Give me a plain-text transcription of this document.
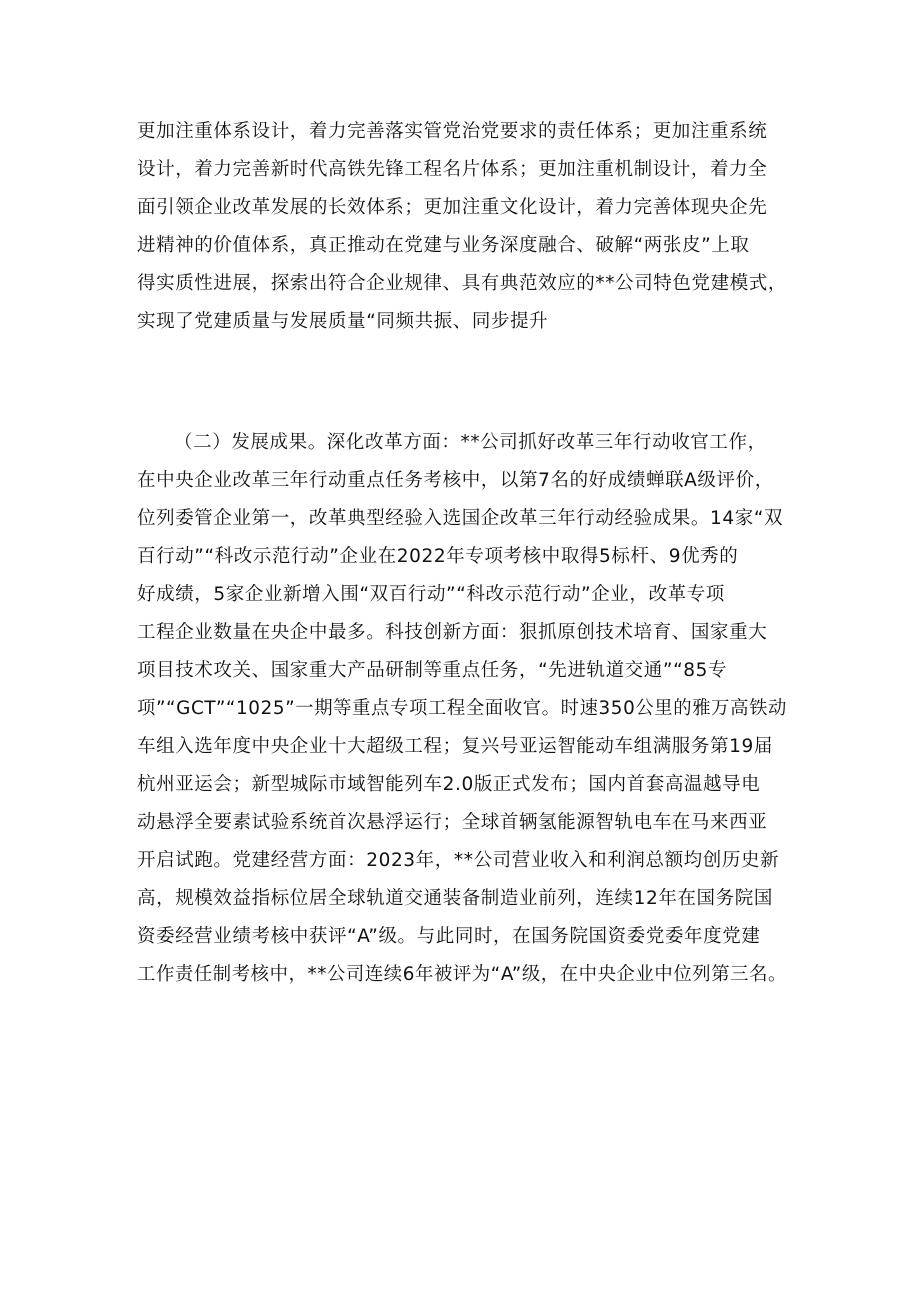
更加注重体系设计，着力完善落实管党治党要求的责任体系；更加注重系统
设计，着力完善新时代高铁先锋工程名片体系；更加注重机制设计，着力全
面引领企业改革发展的长效体系；更加注重文化设计，着力完善体现央企先
进精神的价值体系，真正推动在党建与业务深度融合、破解“两张皮”上取
得实质性进展，探索出符合企业规律、具有典范效应的**公司特色党建模式，
实现了党建质量与发展质量“同频共振、同步提升
（二）发展成果。深化改革方面：**公司抓好改革三年行动收官工作，
在中央企业改革三年行动重点任务考核中，以第7名的好成绩蝉联A级评价，
位列委管企业第一，改革典型经验入选国企改革三年行动经验成果。14家“双
百行动”“科改示范行动”企业在2022年专项考核中取得5标杆、9优秀的
好成绩，5家企业新增入围“双百行动”“科改示范行动”企业，改革专项
工程企业数量在央企中最多。科技创新方面：狠抓原创技术培育、国家重大
项目技术攻关、国家重大产品研制等重点任务，“先进轨道交通”“85专
项”“GCT”“1025”一期等重点专项工程全面收官。时速350公里的雅万高铁动
车组入选年度中央企业十大超级工程；复兴号亚运智能动车组满服务第19届
杭州亚运会；新型城际市域智能列车2.0版正式发布；国内首套高温越导电
动悬浮全要素试验系统首次悬浮运行；全球首辆氢能源智轨电车在马来西亚
开启试跑。党建经营方面：2023年，**公司营业收入和利润总额均创历史新
高，规模效益指标位居全球轨道交通装备制造业前列，连续12年在国务院国
资委经营业绩考核中获评“A”级。与此同时，在国务院国资委党委年度党建
工作责任制考核中，**公司连续6年被评为“A”级，在中央企业中位列第三名。
